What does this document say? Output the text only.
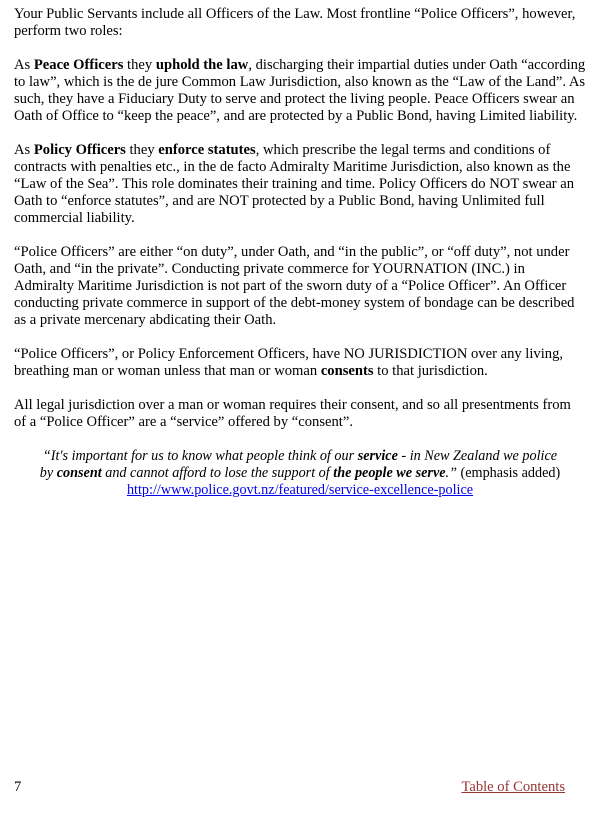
Your Public Servants include all Officers of the Law. Most frontline “Police Officers”, however, perform two roles:

As Peace Officers they uphold the law, discharging their impartial duties under Oath “according to law”, which is the de jure Common Law Jurisdiction, also known as the “Law of the Land”. As such, they have a Fiduciary Duty to serve and protect the living people. Peace Officers swear an Oath of Office to “keep the peace”, and are protected by a Public Bond, having Limited liability.

As Policy Officers they enforce statutes, which prescribe the legal terms and conditions of contracts with penalties etc., in the de facto Admiralty Maritime Jurisdiction, also known as the “Law of the Sea”. This role dominates their training and time. Policy Officers do NOT swear an Oath to “enforce statutes”, and are NOT protected by a Public Bond, having Unlimited full commercial liability.

“Police Officers” are either “on duty”, under Oath, and “in the public”, or “off duty”, not under Oath, and “in the private”. Conducting private commerce for YOURNATION (INC.) in Admiralty Maritime Jurisdiction is not part of the sworn duty of a “Police Officer”. An Officer conducting private commerce in support of the debt-money system of bondage can be described as a private mercenary abdicating their Oath.

“Police Officers”, or Policy Enforcement Officers, have NO JURISDICTION over any living, breathing man or woman unless that man or woman consents to that jurisdiction.

All legal jurisdiction over a man or woman requires their consent, and so all presentments from of a “Police Officer” are a “service” offered by “consent”.

“It's important for us to know what people think of our service - in New Zealand we police
by consent and cannot afford to lose the support of the people we serve.” (emphasis added)
http://www.police.govt.nz/featured/service-excellence-police
7	Table of Contents
